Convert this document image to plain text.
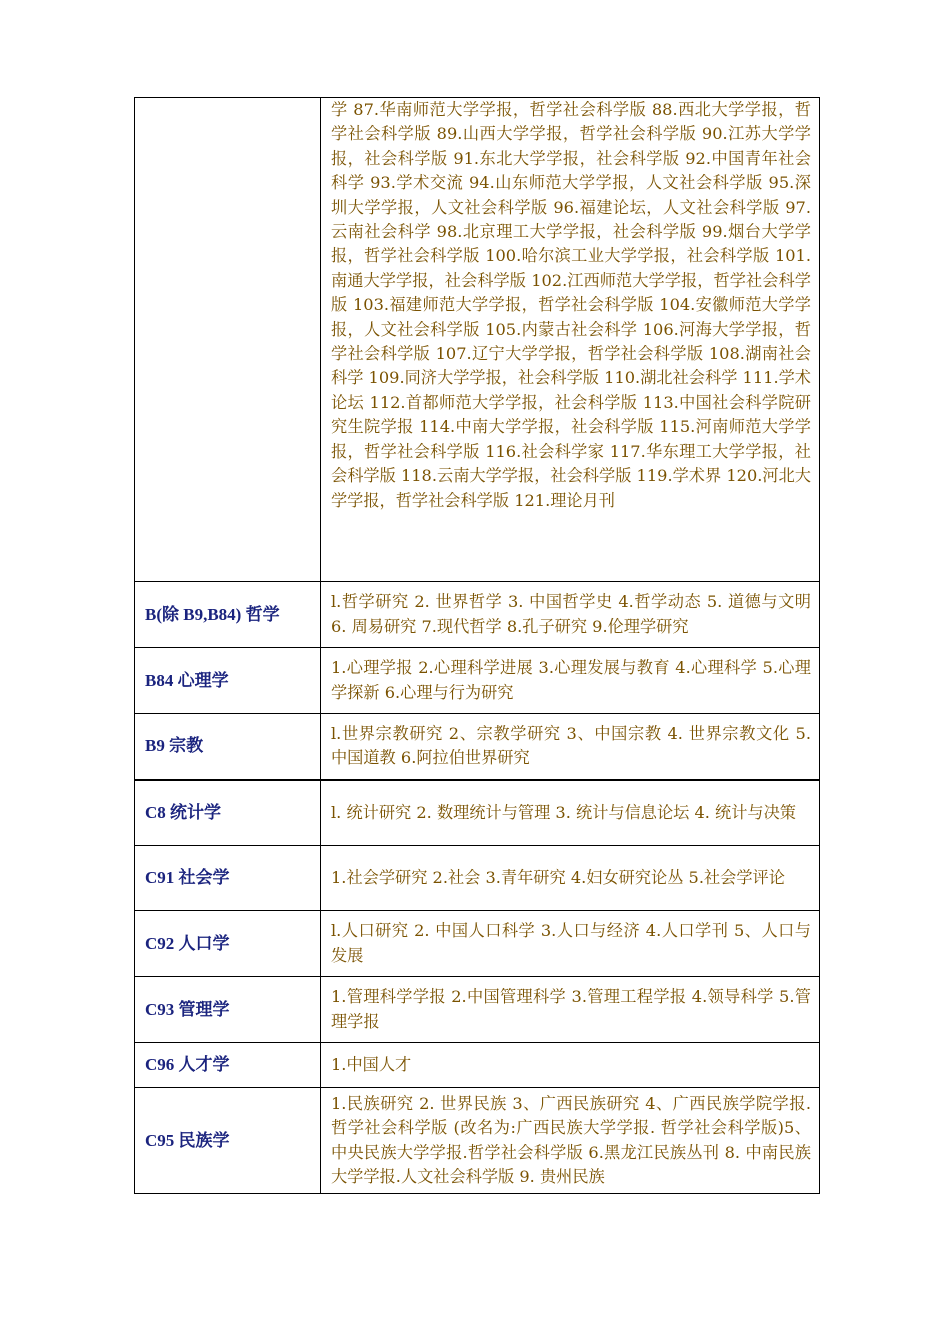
	学 87.华南师范大学学报，哲学社会科学版 88.西北大学学报，哲学社会科学版 89.山西大学学报，哲学社会科学版 90.江苏大学学报，社会科学版 91.东北大学学报，社会科学版 92.中国青年社会科学 93.学术交流 94.山东师范大学学报，人文社会科学版 95.深圳大学学报，人文社会科学版 96.福建论坛，人文社会科学版 97.云南社会科学 98.北京理工大学学报，社会科学版 99.烟台大学学报，哲学社会科学版 100.哈尔滨工业大学学报，社会科学版 101.南通大学学报，社会科学版 102.江西师范大学学报，哲学社会科学版 103.福建师范大学学报，哲学社会科学版 104.安徽师范大学学报，人文社会科学版 105.内蒙古社会科学 106.河海大学学报，哲学社会科学版 107.辽宁大学学报，哲学社会科学版 108.湖南社会科学 109.同济大学学报，社会科学版 110.湖北社会科学 111.学术论坛 112.首都师范大学学报，社会科学版 113.中国社会科学院研究生院学报 114.中南大学学报，社会科学版 115.河南师范大学学报，哲学社会科学版 116.社会科学家 117.华东理工大学学报，社会科学版 118.云南大学学报，社会科学版 119.学术界 120.河北大学学报，哲学社会科学版 121.理论月刊

B(除 B9,B84) 哲学	l.哲学研究 2. 世界哲学 3. 中国哲学史 4.哲学动态 5. 道德与文明 6. 周易研究 7.现代哲学 8.孔子研究 9.伦理学研究
B84 心理学	1.心理学报 2.心理科学进展 3.心理发展与教育 4.心理科学 5.心理学探新 6.心理与行为研究
B9 宗教	l.世界宗教研究 2、宗教学研究 3、中国宗教 4. 世界宗教文化 5. 中国道教 6.阿拉伯世界研究
C8 统计学	l. 统计研究 2. 数理统计与管理 3. 统计与信息论坛 4. 统计与决策
C91 社会学	1.社会学研究 2.社会 3.青年研究 4.妇女研究论丛 5.社会学评论
C92 人口学	l.人口研究 2. 中国人口科学 3.人口与经济 4.人口学刊 5、人口与发展
C93 管理学	1.管理科学学报 2.中国管理科学 3.管理工程学报 4.领导科学 5.管理学报
C96 人才学	1.中国人才
C95 民族学	1.民族研究 2. 世界民族 3、广西民族研究 4、广西民族学院学报.哲学社会科学版 (改名为:广西民族大学学报. 哲学社会科学版)5、中央民族大学学报.哲学社会科学版 6.黑龙江民族丛刊 8. 中南民族大学学报.人文社会科学版 9. 贵州民族
